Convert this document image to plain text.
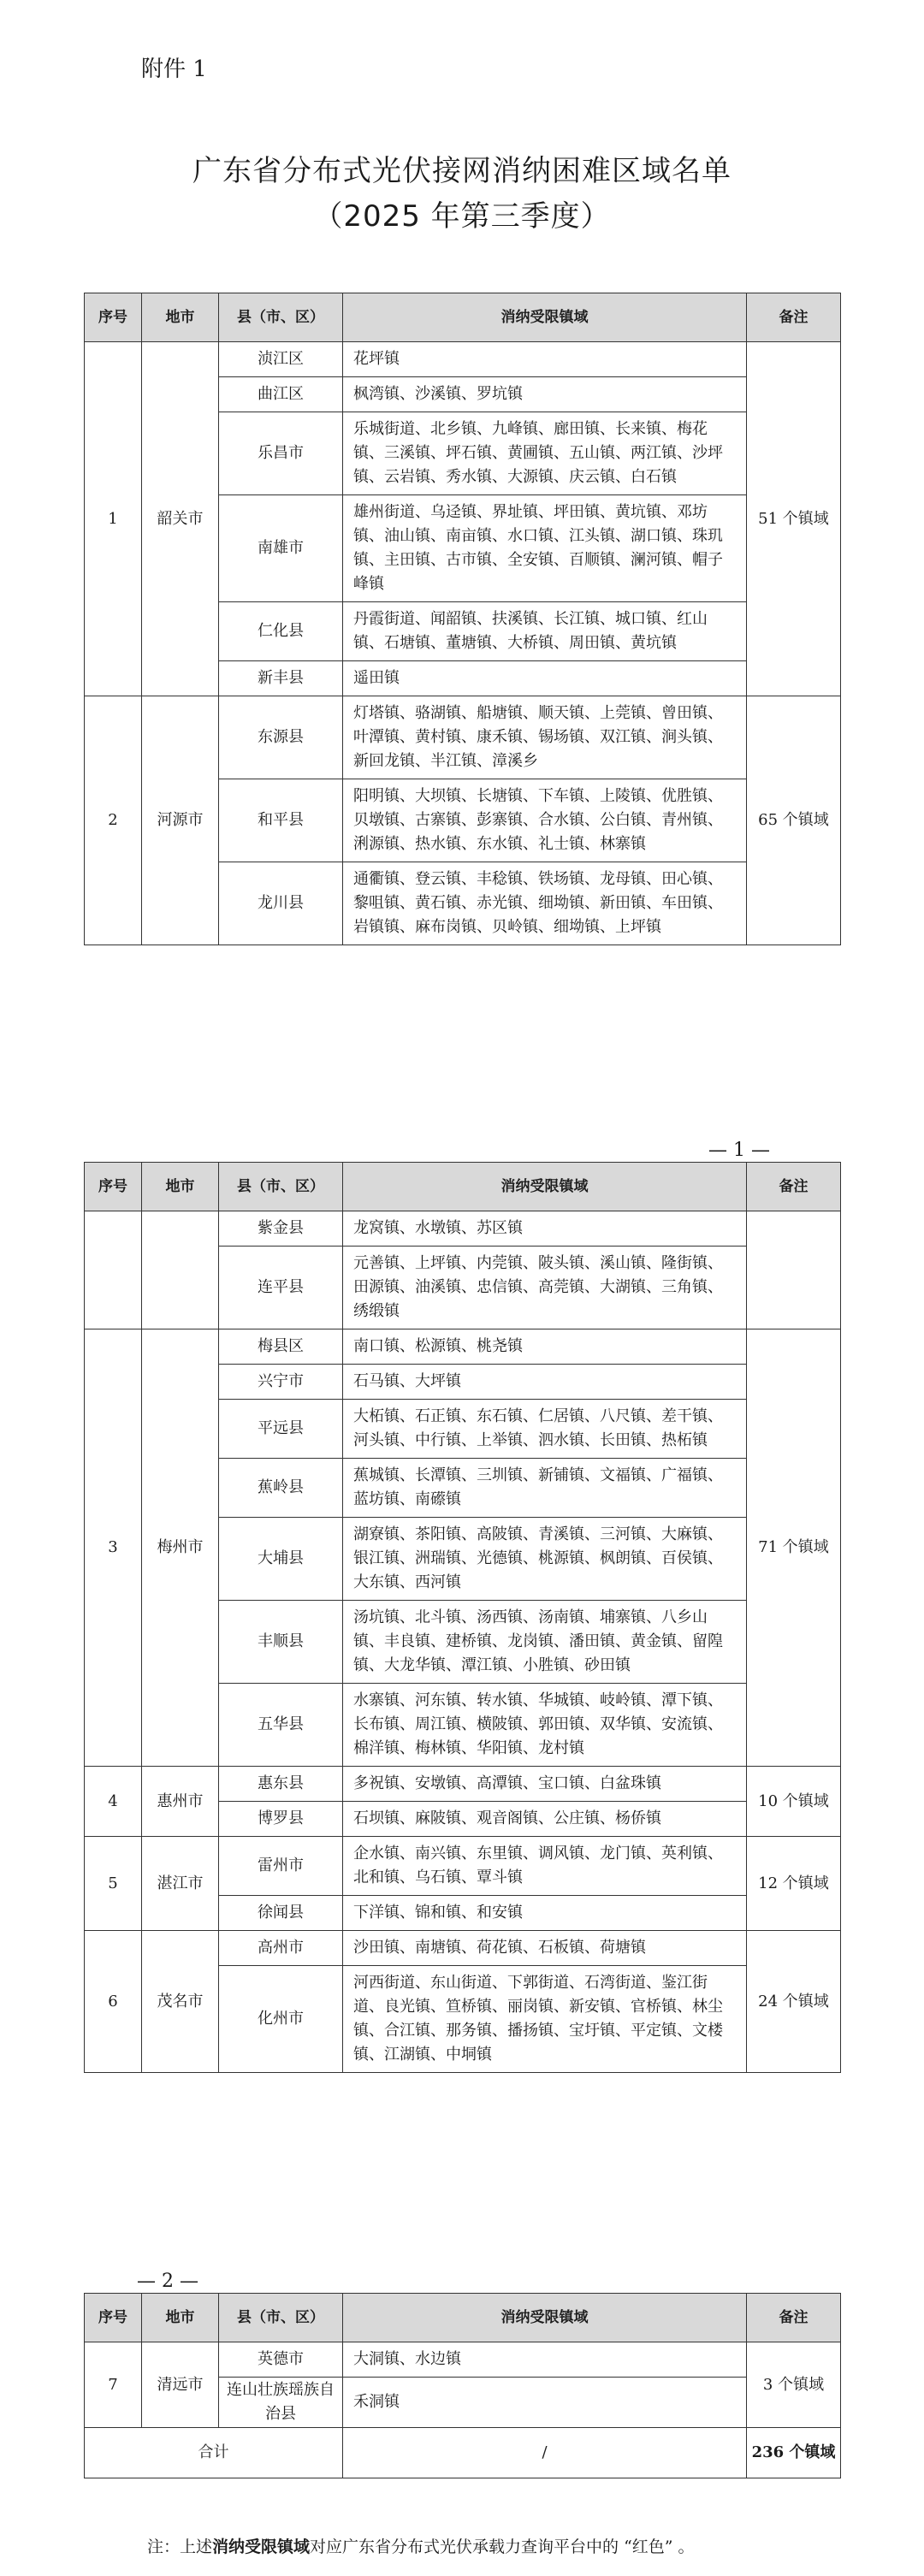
附件 1
广东省分布式光伏接网消纳困难区域名单
（2025 年第三季度）
序号	地市	县（市、区）	消纳受限镇域	备注
1	韶关市	浈江区	花坪镇	51 个镇域
		曲江区	枫湾镇、沙溪镇、罗坑镇	
		乐昌市	乐城街道、北乡镇、九峰镇、廊田镇、长来镇、梅花镇、三溪镇、坪石镇、黄圃镇、五山镇、两江镇、沙坪镇、云岩镇、秀水镇、大源镇、庆云镇、白石镇	
		南雄市	雄州街道、乌迳镇、界址镇、坪田镇、黄坑镇、邓坊镇、油山镇、南亩镇、水口镇、江头镇、湖口镇、珠玑镇、主田镇、古市镇、全安镇、百顺镇、澜河镇、帽子峰镇	
		仁化县	丹霞街道、闻韶镇、扶溪镇、长江镇、城口镇、红山镇、石塘镇、董塘镇、大桥镇、周田镇、黄坑镇	
		新丰县	遥田镇	
2	河源市	东源县	灯塔镇、骆湖镇、船塘镇、顺天镇、上莞镇、曾田镇、叶潭镇、黄村镇、康禾镇、锡场镇、双江镇、涧头镇、新回龙镇、半江镇、漳溪乡	65 个镇域
		和平县	阳明镇、大坝镇、长塘镇、下车镇、上陵镇、优胜镇、贝墩镇、古寨镇、彭寨镇、合水镇、公白镇、青州镇、浰源镇、热水镇、东水镇、礼士镇、林寨镇	
		龙川县	通衢镇、登云镇、丰稔镇、铁场镇、龙母镇、田心镇、黎咀镇、黄石镇、赤光镇、细坳镇、新田镇、车田镇、岩镇镇、麻布岗镇、贝岭镇、细坳镇、上坪镇	
— 1 —
序号	地市	县（市、区）	消纳受限镇域	备注
		紫金县	龙窝镇、水墩镇、苏区镇	
		连平县	元善镇、上坪镇、内莞镇、陂头镇、溪山镇、隆街镇、田源镇、油溪镇、忠信镇、高莞镇、大湖镇、三角镇、绣缎镇	
3	梅州市	梅县区	南口镇、松源镇、桃尧镇	71 个镇域
		兴宁市	石马镇、大坪镇	
		平远县	大柘镇、石正镇、东石镇、仁居镇、八尺镇、差干镇、河头镇、中行镇、上举镇、泗水镇、长田镇、热柘镇	
		蕉岭县	蕉城镇、长潭镇、三圳镇、新铺镇、文福镇、广福镇、蓝坊镇、南礤镇	
		大埔县	湖寮镇、茶阳镇、高陂镇、青溪镇、三河镇、大麻镇、银江镇、洲瑞镇、光德镇、桃源镇、枫朗镇、百侯镇、大东镇、西河镇	
		丰顺县	汤坑镇、北斗镇、汤西镇、汤南镇、埔寨镇、八乡山镇、丰良镇、建桥镇、龙岗镇、潘田镇、黄金镇、留隍镇、大龙华镇、潭江镇、小胜镇、砂田镇	
		五华县	水寨镇、河东镇、转水镇、华城镇、岐岭镇、潭下镇、长布镇、周江镇、横陂镇、郭田镇、双华镇、安流镇、棉洋镇、梅林镇、华阳镇、龙村镇	
4	惠州市	惠东县	多祝镇、安墩镇、高潭镇、宝口镇、白盆珠镇	10 个镇域
		博罗县	石坝镇、麻陂镇、观音阁镇、公庄镇、杨侨镇	
5	湛江市	雷州市	企水镇、南兴镇、东里镇、调风镇、龙门镇、英利镇、北和镇、乌石镇、覃斗镇	12 个镇域
		徐闻县	下洋镇、锦和镇、和安镇	
6	茂名市	高州市	沙田镇、南塘镇、荷花镇、石板镇、荷塘镇	24 个镇域
		化州市	河西街道、东山街道、下郭街道、石湾街道、鉴江街道、良光镇、笪桥镇、丽岗镇、新安镇、官桥镇、林尘镇、合江镇、那务镇、播扬镇、宝圩镇、平定镇、文楼镇、江湖镇、中垌镇	
— 2 —
序号	地市	县（市、区）	消纳受限镇域	备注
7	清远市	英德市	大洞镇、水边镇	3 个镇域
		连山壮族瑶族自治县	禾洞镇	
合计			/	236 个镇域
注：上述消纳受限镇域对应广东省分布式光伏承载力查询平台中的 “红色” 。
